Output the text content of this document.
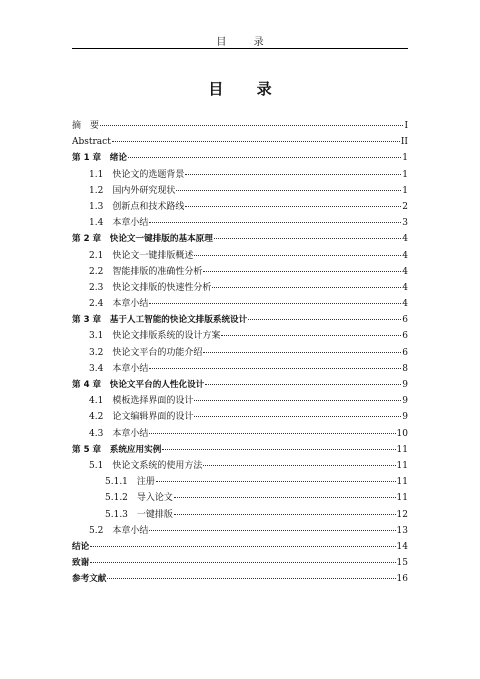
目 录
目 录
摘　要	I
Abstract	II
第 1 章　绪论	1
1.1　快论文的选题背景	1
1.2　国内外研究现状	1
1.3　创新点和技术路线	2
1.4　本章小结	3
第 2 章　快论文一键排版的基本原理	4
2.1　快论文一键排版概述	4
2.2　智能排版的准确性分析	4
2.3　快论文排版的快速性分析	4
2.4　本章小结	4
第 3 章　基于人工智能的快论文排版系统设计	6
3.1　快论文排版系统的设计方案	6
3.2　快论文平台的功能介绍	6
3.4　本章小结	8
第 4 章　快论文平台的人性化设计	9
4.1　模板选择界面的设计	9
4.2　论文编辑界面的设计	9
4.3　本章小结	10
第 5 章　系统应用实例	11
5.1　快论文系统的使用方法	11
5.1.1　注册	11
5.1.2　导入论文	11
5.1.3　一键排版	12
5.2　本章小结	13
结论	14
致谢	15
参考文献	16
